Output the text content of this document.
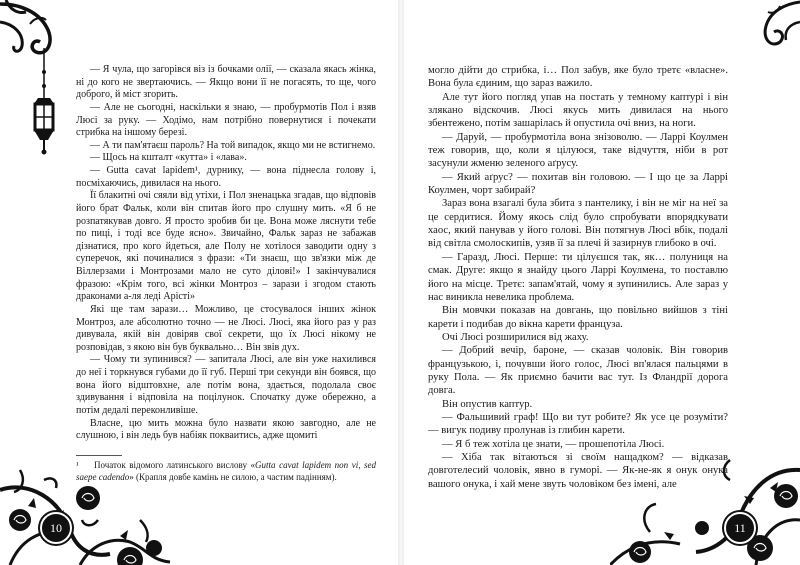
— Я чула, що загорівся віз із бочками олії, — сказала якась жінка, ні до кого не звертаючись. — Якщо вони її не погасять, то ще, чого доброго, й міст згорить.

— Але не сьогодні, наскільки я знаю, — пробурмотів Пол і взяв Люсі за руку. — Ходімо, нам потрібно повернутися і почекати стрибка на іншому березі.

— А ти пам'ятаєш пароль? На той випадок, якщо ми не встигнемо.

— Щось на кшталт «кутта» і «лава».

— Gutta cavat lapidem¹, дурнику, — вона піднесла голову і, посміхаючись, дивилася на нього.

Її блакитні очі сяяли від утіхи, і Пол зненацька згадав, що відповів його брат Фальк, коли він спитав його про слушну мить. «Я б не розпатякував довго. Я просто зробив би це. Вона може ляснути тебе по пиці, і тоді все буде ясно». Звичайно, Фальк зараз не забажав дізнатися, про кого йдеться, але Полу не хотілося заводити одну з суперечок, які починалися з фрази: «Ти знаєш, що зв'язки між де Віллерзами і Монтрозами мало не суто ділові!» І закінчувалися фразою: «Крім того, всі жінки Монтроз – зарази і згодом стають драконами а-ля леді Арісті»

Які ще там зарази… Можливо, це стосувалося інших жінок Монтроз, але абсолютно точно — не Люсі. Люсі, яка його раз у раз дивувала, якій він довіряв свої секрети, що їх Люсі нікому не розповідав, з якою він був буквально… Він звів дух.

— Чому ти зупинився? — запитала Люсі, але він уже нахилився до неї і торкнувся губами до її губ. Перші три секунди він боявся, що вона його відштовхне, але потім вона, здається, подолала своє здивування і відповіла на поцілунок. Спочатку дуже обережно, а потім дедалі переконливіше.

Власне, цю мить можна було назвати якою завгодно, але не слушною, і він ледь був набіяк покваитись, адже щомиті

¹ Початок відомого латинського вислову «Gutta cavat lapidem non vi, sed saepe cadendo» (Крапля довбе камінь не силою, а частим падінням).

могло дійти до стрибка, і… Пол забув, яке було третє «власне». Вона була єдиним, що зараз важило.

Але тут його погляд упав на постать у темному каптурі і він злякано відскочив. Люсі якусь мить дивилася на нього збентежено, потім зашарілась й опустила очі вниз, на ноги.

— Даруй, — пробурмотіла вона знізоволю. — Ларрі Коулмен теж говорив, що, коли я цілуюся, таке відчуття, ніби в рот засунули жменю зеленого аґрусу.

— Який аґрус? — похитав він головою. — І що це за Ларрі Коулмен, чорт забирай?

Зараз вона взагалі була збита з пантелику, і він не міг на неї за це сердитися. Йому якось слід було спробувати впорядкувати хаос, який панував у його голові. Він потягнув Люсі вбік, подалі від світла смолоскипів, узяв її за плечі й зазирнув глибоко в очі.

— Гаразд, Люсі. Перше: ти цілуєшся так, як… полуниця на смак. Друге: якщо я знайду цього Ларрі Коулмена, то поставлю його на місце. Третє: запам'ятай, чому я зупинились. Але зараз у нас виникла невелика проблема.

Він мовчки показав на довгань, що повільно вийшов з тіні карети і подибав до вікна карети француза.

Очі Люсі розширилися від жаху.

— Добрий вечір, бароне, — сказав чоловік. Він говорив французькою, і, почувши його голос, Люсі вп'ялася пальцями в руку Пола. — Як приємно бачити вас тут. Із Фландрії дорога довга.

Він опустив каптур.

— Фальшивий граф! Що ви тут робите? Як усе це розуміти? — вигук подиву пролунав із глибин карети.

— Я б теж хотіла це знати, — прошепотіла Люсі.

— Хіба так вітаються зі своїм нащадком? — відказав довготелесий чоловік, явно в гуморі. — Як-не-як я онук онука вашого онука, і хай мене звуть чоловіком без імені, але

10	11
